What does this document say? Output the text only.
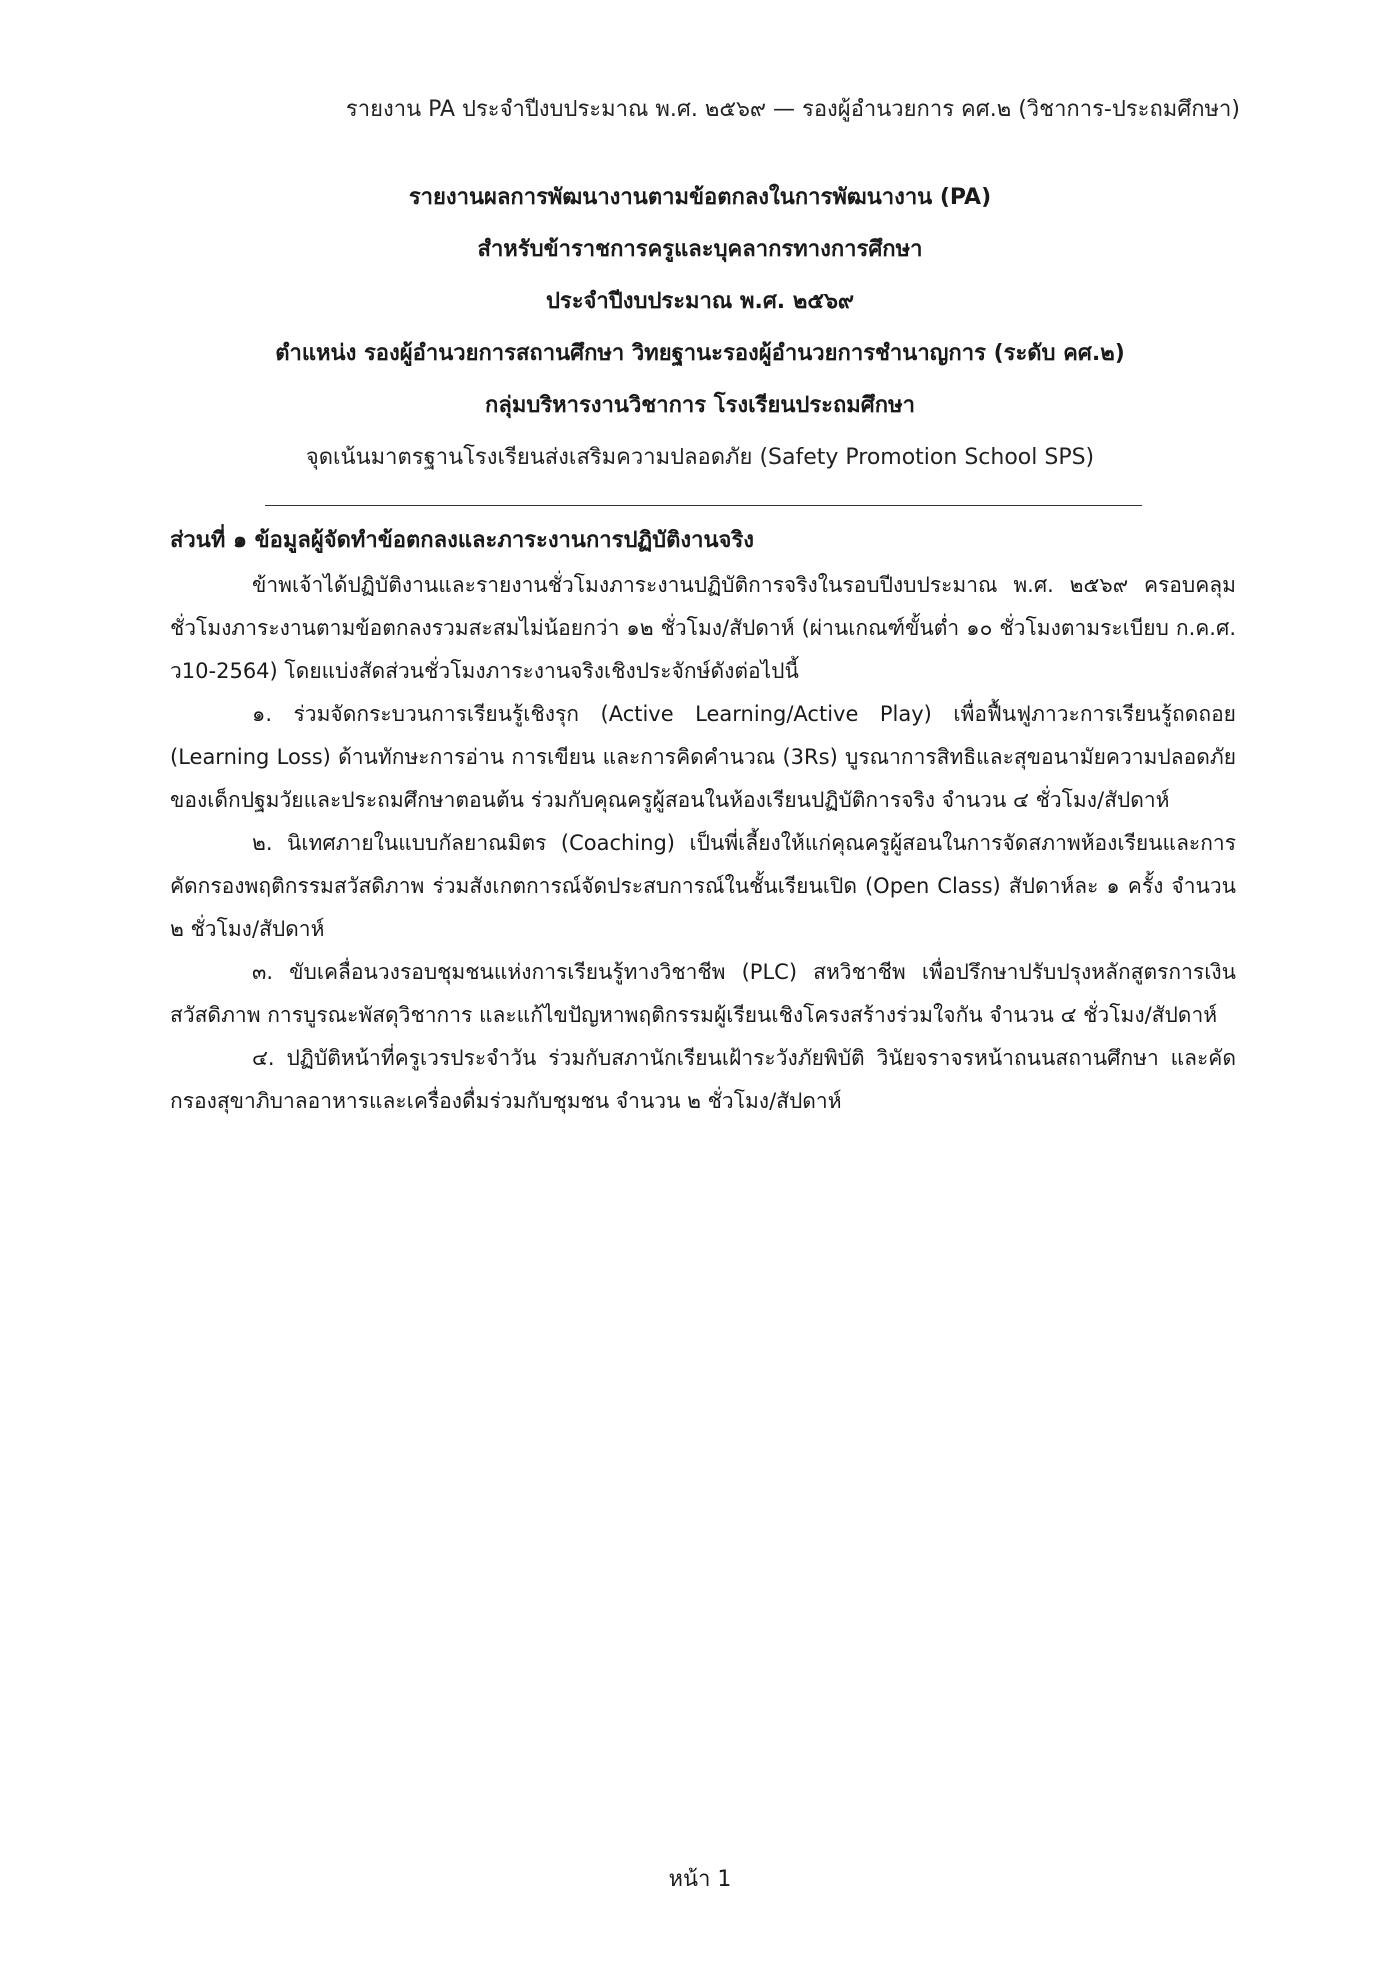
รายงาน PA ประจำปีงบประมาณ พ.ศ. ๒๕๖๙ — รองผู้อำนวยการ คศ.๒ (วิชาการ-ประถมศึกษา)
รายงานผลการพัฒนางานตามข้อตกลงในการพัฒนางาน (PA)
สำหรับข้าราชการครูและบุคลากรทางการศึกษา
ประจำปีงบประมาณ พ.ศ. ๒๕๖๙
ตำแหน่ง รองผู้อำนวยการสถานศึกษา วิทยฐานะรองผู้อำนวยการชำนาญการ (ระดับ คศ.๒)
กลุ่มบริหารงานวิชาการ โรงเรียนประถมศึกษา
จุดเน้นมาตรฐานโรงเรียนส่งเสริมความปลอดภัย (Safety Promotion School SPS)
ส่วนที่ ๑ ข้อมูลผู้จัดทำข้อตกลงและภาระงานการปฏิบัติงานจริง

ข้าพเจ้าได้ปฏิบัติงานและรายงานชั่วโมงภาระงานปฏิบัติการจริงในรอบปีงบประมาณ พ.ศ. ๒๕๖๙ ครอบคลุมชั่วโมงภาระงานตามข้อตกลงรวมสะสมไม่น้อยกว่า ๑๒ ชั่วโมง/สัปดาห์ (ผ่านเกณฑ์ขั้นต่ำ ๑๐ ชั่วโมงตามระเบียบ ก.ค.ศ. ว10-2564) โดยแบ่งสัดส่วนชั่วโมงภาระงานจริงเชิงประจักษ์ดังต่อไปนี้

๑. ร่วมจัดกระบวนการเรียนรู้เชิงรุก (Active Learning/Active Play) เพื่อฟื้นฟูภาวะการเรียนรู้ถดถอย (Learning Loss) ด้านทักษะการอ่าน การเขียน และการคิดคำนวณ (3Rs) บูรณาการสิทธิและสุขอนามัยความปลอดภัยของเด็กปฐมวัยและประถมศึกษาตอนต้น ร่วมกับคุณครูผู้สอนในห้องเรียนปฏิบัติการจริง จำนวน ๔ ชั่วโมง/สัปดาห์

๒. นิเทศภายในแบบกัลยาณมิตร (Coaching) เป็นพี่เลี้ยงให้แก่คุณครูผู้สอนในการจัดสภาพห้องเรียนและการคัดกรองพฤติกรรมสวัสดิภาพ ร่วมสังเกตการณ์จัดประสบการณ์ในชั้นเรียนเปิด (Open Class) สัปดาห์ละ ๑ ครั้ง จำนวน ๒ ชั่วโมง/สัปดาห์

๓. ขับเคลื่อนวงรอบชุมชนแห่งการเรียนรู้ทางวิชาชีพ (PLC) สหวิชาชีพ เพื่อปรึกษาปรับปรุงหลักสูตรการเงินสวัสดิภาพ การบูรณะพัสดุวิชาการ และแก้ไขปัญหาพฤติกรรมผู้เรียนเชิงโครงสร้างร่วมใจกัน จำนวน ๔ ชั่วโมง/สัปดาห์

๔. ปฏิบัติหน้าที่ครูเวรประจำวัน ร่วมกับสภานักเรียนเฝ้าระวังภัยพิบัติ วินัยจราจรหน้าถนนสถานศึกษา และคัดกรองสุขาภิบาลอาหารและเครื่องดื่มร่วมกับชุมชน จำนวน ๒ ชั่วโมง/สัปดาห์

หน้า 1
